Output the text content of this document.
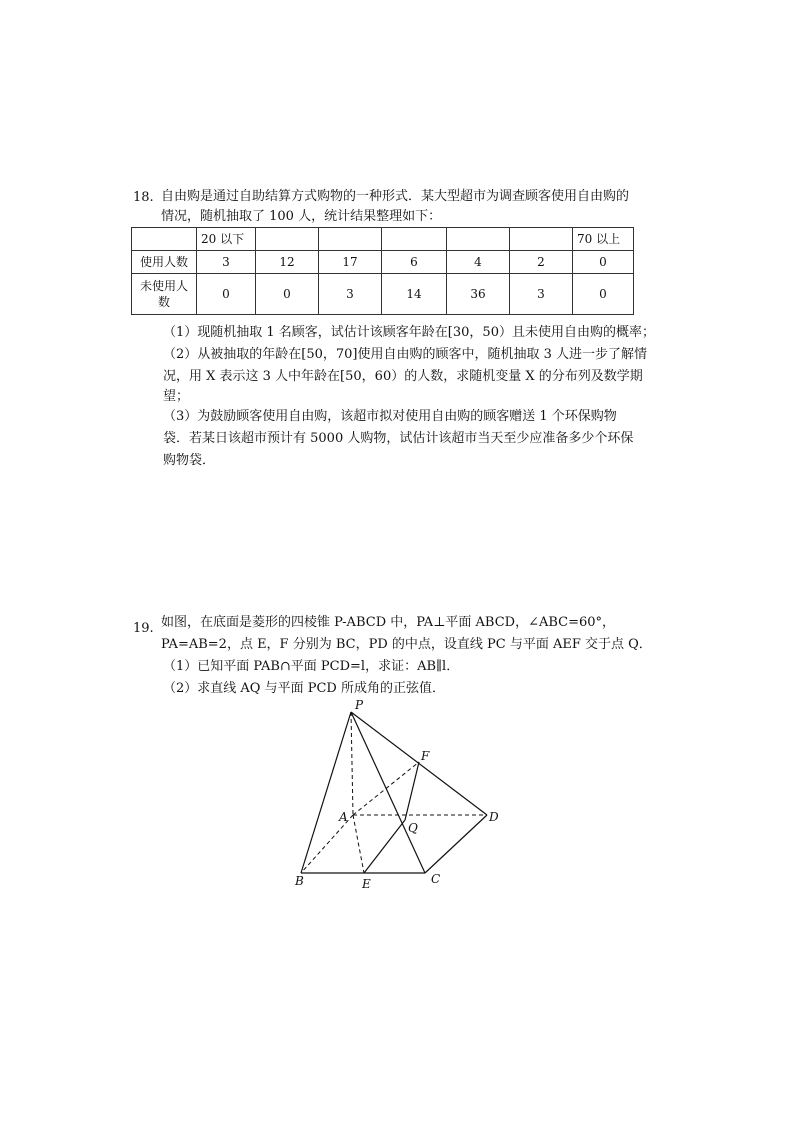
18. 自由购是通过自助结算方式购物的一种形式．某大型超市为调查顾客使用自由购的
情况，随机抽取了 100 人，统计结果整理如下：
	20 以下						70 以上
使用人数	3	12	17	6	4	2	0
未使用人数	0	0	3	14	36	3	0
（1）现随机抽取 1 名顾客，试估计该顾客年龄在[30，50）且未使用自由购的概率；
（2）从被抽取的年龄在[50，70]使用自由购的顾客中，随机抽取 3 人进一步了解情
况，用 X 表示这 3 人中年龄在[50，60）的人数，求随机变量 X 的分布列及数学期
望；
（3）为鼓励顾客使用自由购，该超市拟对使用自由购的顾客赠送 1 个环保购物
袋．若某日该超市预计有 5000 人购物，试估计该超市当天至少应准备多少个环保
购物袋．
19. 如图，在底面是菱形的四棱锥 P-ABCD 中，PA⊥平面 ABCD，∠ABC=60°，
PA=AB=2，点 E，F 分别为 BC，PD 的中点，设直线 PC 与平面 AEF 交于点 Q．
（1）已知平面 PAB∩平面 PCD=l，求证：AB∥l．
（2）求直线 AQ 与平面 PCD 所成角的正弦值．
P
F
A
Q
D
B	E	C
